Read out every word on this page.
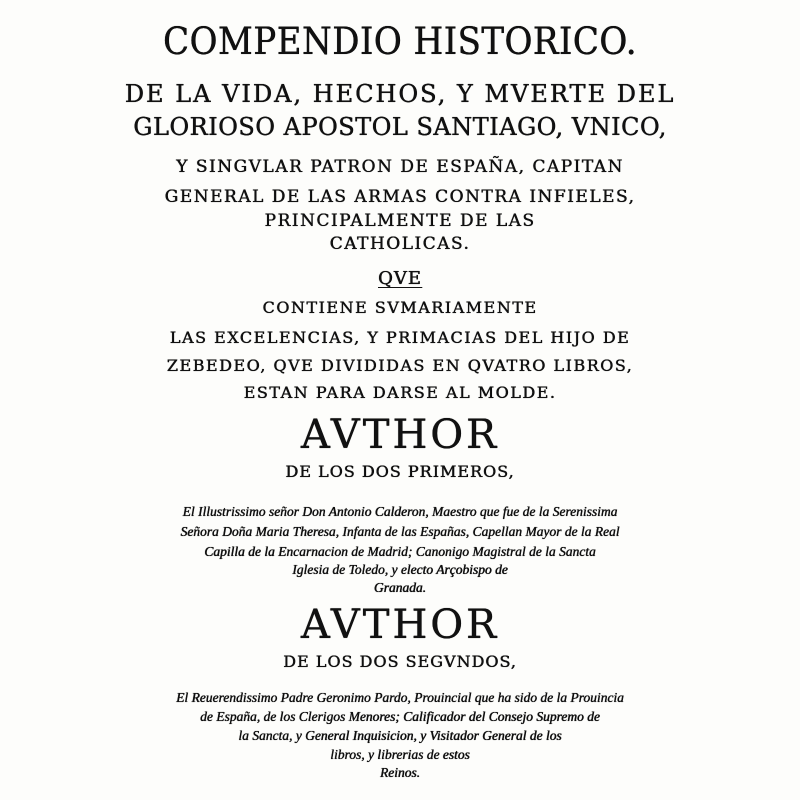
COMPENDIO HISTORICO.
DE LA VIDA, HECHOS, Y MVERTE DEL
GLORIOSO APOSTOL SANTIAGO, VNICO,
Y SINGVLAR PATRON DE ESPAÑA, CAPITAN
GENERAL DE LAS ARMAS CONTRA INFIELES,
PRINCIPALMENTE DE LAS
CATHOLICAS.
QVE
CONTIENE SVMARIAMENTE
LAS EXCELENCIAS, Y PRIMACIAS DEL HIJO DE
ZEBEDEO, QVE DIVIDIDAS EN QVATRO LIBROS,
ESTAN PARA DARSE AL MOLDE.
AVTHOR
DE LOS DOS PRIMEROS,
El Illustrissimo señor Don Antonio Calderon, Maestro que fue de la Serenissima
Señora Doña Maria Theresa, Infanta de las Españas, Capellan Mayor de la Real
Capilla de la Encarnacion de Madrid; Canonigo Magistral de la Sancta
Iglesia de Toledo, y electo Arçobispo de
Granada.
AVTHOR
DE LOS DOS SEGVNDOS,
El Reuerendissimo Padre Geronimo Pardo, Prouincial que ha sido de la Prouincia
de España, de los Clerigos Menores; Calificador del Consejo Supremo de
la Sancta, y General Inquisicion, y Visitador General de los
libros, y librerias de estos
Reinos.
